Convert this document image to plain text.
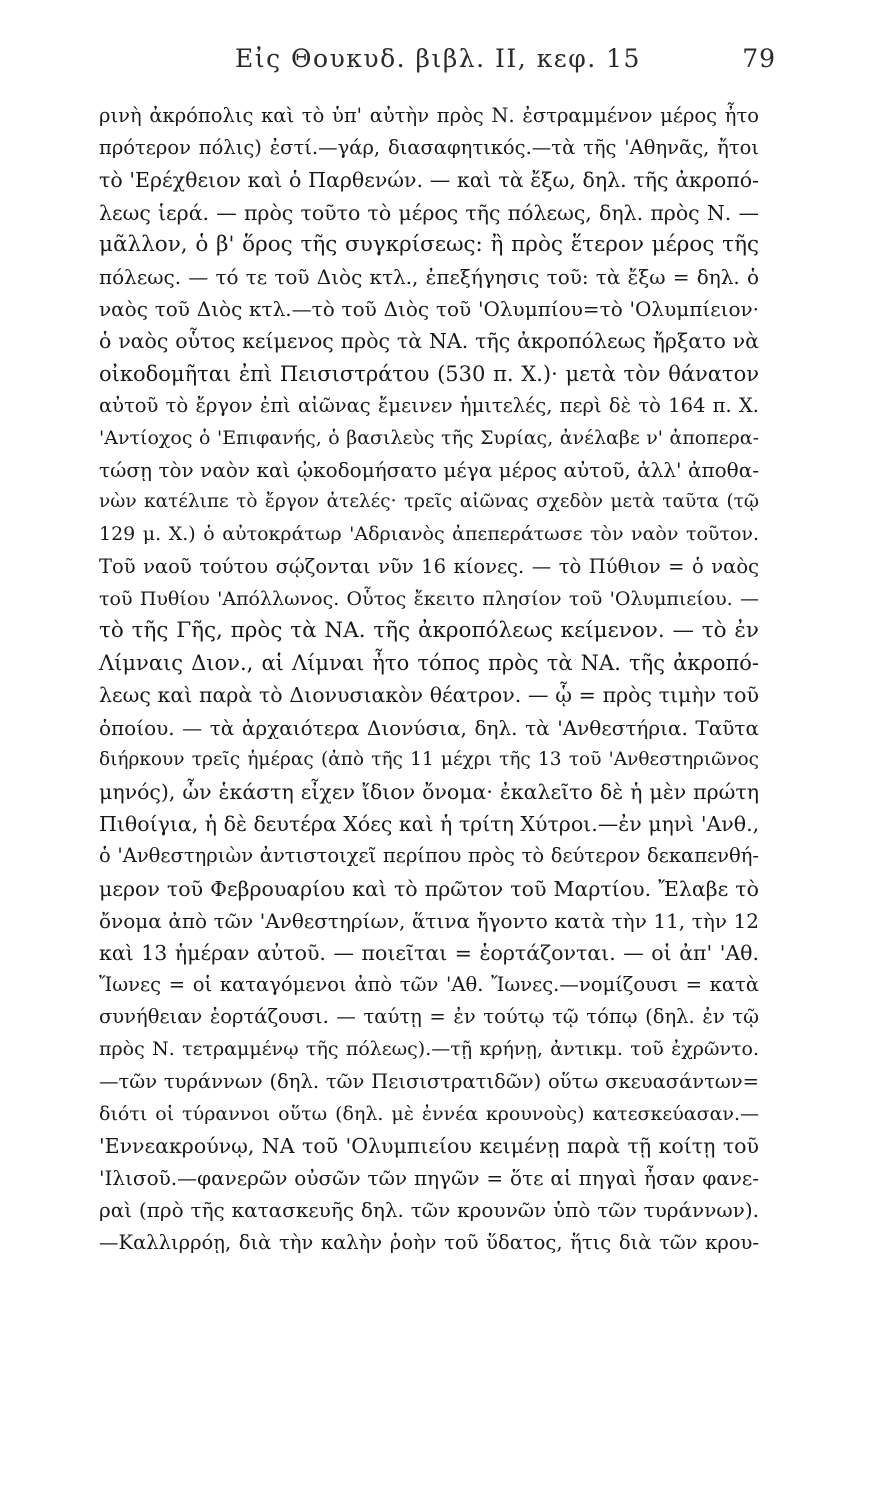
Εἰς Θουκυδ. βιβλ. ΙΙ, κεφ. 15	79
ρινὴ ἀκρόπολις καὶ τὸ ὑπ' αὐτὴν πρὸς Ν. ἐστραμμένον μέρος ἦτο
πρότερον πόλις) ἐστί.—γάρ, διασαφητικός.—τὰ τῆς 'Αθηνᾶς, ἤτοι
τὸ 'Ερέχθειον καὶ ὁ Παρθενών. — καὶ τὰ ἔξω, δηλ. τῆς ἀκροπό-
λεως ἱερά. — πρὸς τοῦτο τὸ μέρος τῆς πόλεως, δηλ. πρὸς Ν. —
μᾶλλον, ὁ β' ὅρος τῆς συγκρίσεως: ἢ πρὸς ἕτερον μέρος τῆς
πόλεως. — τό τε τοῦ Διὸς κτλ., ἐπεξήγησις τοῦ: τὰ ἔξω = δηλ. ὁ
ναὸς τοῦ Διὸς κτλ.—τὸ τοῦ Διὸς τοῦ 'Ολυμπίου=τὸ 'Ολυμπίειον·
ὁ ναὸς οὗτος κείμενος πρὸς τὰ ΝΑ. τῆς ἀκροπόλεως ἤρξατο νὰ
οἰκοδομῆται ἐπὶ Πεισιστράτου (530 π. Χ.)· μετὰ τὸν θάνατον
αὐτοῦ τὸ ἔργον ἐπὶ αἰῶνας ἔμεινεν ἡμιτελές, περὶ δὲ τὸ 164 π. Χ.
'Αντίοχος ὁ 'Επιφανής, ὁ βασιλεὺς τῆς Συρίας, ἀνέλαβε ν' ἀποπερα-
τώσῃ τὸν ναὸν καὶ ᾠκοδομήσατο μέγα μέρος αὐτοῦ, ἀλλ' ἀποθα-
νὼν κατέλιπε τὸ ἔργον ἀτελές· τρεῖς αἰῶνας σχεδὸν μετὰ ταῦτα (τῷ
129 μ. Χ.) ὁ αὐτοκράτωρ 'Αδριανὸς ἀπεπεράτωσε τὸν ναὸν τοῦτον.
Τοῦ ναοῦ τούτου σῴζονται νῦν 16 κίονες. — τὸ Πύθιον = ὁ ναὸς
τοῦ Πυθίου 'Απόλλωνος. Οὗτος ἔκειτο πλησίον τοῦ 'Ολυμπιείου. —
τὸ τῆς Γῆς, πρὸς τὰ ΝΑ. τῆς ἀκροπόλεως κείμενον. — τὸ ἐν
Λίμναις Διον., αἱ Λίμναι ἦτο τόπος πρὸς τὰ ΝΑ. τῆς ἀκροπό-
λεως καὶ παρὰ τὸ Διονυσιακὸν θέατρον. — ᾧ = πρὸς τιμὴν τοῦ
ὁποίου. — τὰ ἀρχαιότερα Διονύσια, δηλ. τὰ 'Ανθεστήρια. Ταῦτα
διήρκουν τρεῖς ἡμέρας (ἀπὸ τῆς 11 μέχρι τῆς 13 τοῦ 'Ανθεστηριῶνος
μηνός), ὧν ἑκάστη εἶχεν ἴδιον ὄνομα· ἐκαλεῖτο δὲ ἡ μὲν πρώτη
Πιθοίγια, ἡ δὲ δευτέρα Χόες καὶ ἡ τρίτη Χύτροι.—ἐν μηνὶ 'Ανθ.,
ὁ 'Ανθεστηριὼν ἀντιστοιχεῖ περίπου πρὸς τὸ δεύτερον δεκαπενθή-
μερον τοῦ Φεβρουαρίου καὶ τὸ πρῶτον τοῦ Μαρτίου. Ἔλαβε τὸ
ὄνομα ἀπὸ τῶν 'Ανθεστηρίων, ἅτινα ἤγοντο κατὰ τὴν 11, τὴν 12
καὶ 13 ἡμέραν αὐτοῦ. — ποιεῖται = ἑορτάζονται. — οἱ ἀπ' 'Αθ.
Ἴωνες = οἱ καταγόμενοι ἀπὸ τῶν 'Αθ. Ἴωνες.—νομίζουσι = κατὰ
συνήθειαν ἑορτάζουσι. — ταύτῃ = ἐν τούτῳ τῷ τόπῳ (δηλ. ἐν τῷ
πρὸς Ν. τετραμμένῳ τῆς πόλεως).—τῇ κρήνῃ, ἀντικμ. τοῦ ἐχρῶντο.
—τῶν τυράννων (δηλ. τῶν Πεισιστρατιδῶν) οὕτω σκευασάντων=
διότι οἱ τύραννοι οὕτω (δηλ. μὲ ἐννέα κρουνοὺς) κατεσκεύασαν.—
'Εννεακρούνῳ, ΝΑ τοῦ 'Ολυμπιείου κειμένῃ παρὰ τῇ κοίτῃ τοῦ
'Ιλισοῦ.—φανερῶν οὐσῶν τῶν πηγῶν = ὅτε αἱ πηγαὶ ἦσαν φανε-
ραὶ (πρὸ τῆς κατασκευῆς δηλ. τῶν κρουνῶν ὑπὸ τῶν τυράννων).
—Καλλιρρόῃ, διὰ τὴν καλὴν ῥοὴν τοῦ ὕδατος, ἥτις διὰ τῶν κρου-
